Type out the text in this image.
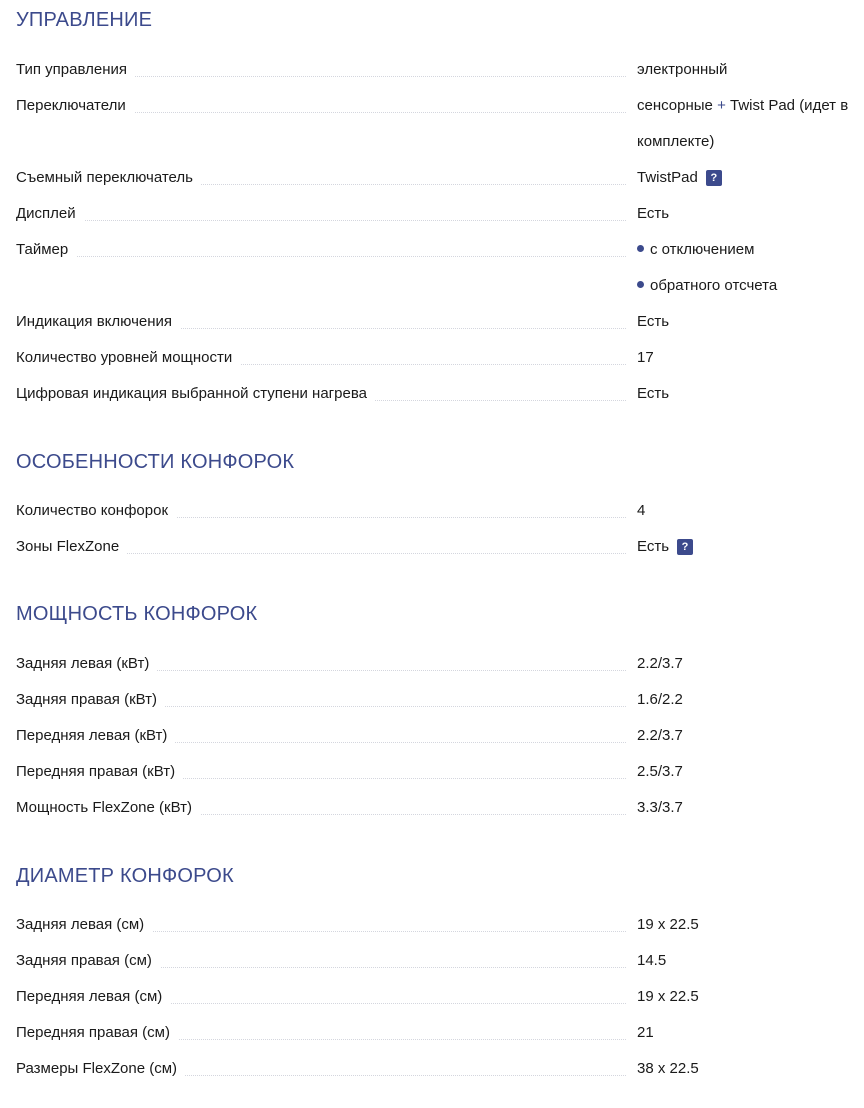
УПРАВЛЕНИЕ
Тип управления	электронный
Переключатели	сенсорные + Twist Pad (идет в
комплекте)
Съемный переключатель	TwistPad ?
Дисплей	Есть
Таймер	с отключением
обратного отсчета
Индикация включения	Есть
Количество уровней мощности	17
Цифровая индикация выбранной ступени нагрева	Есть
ОСОБЕННОСТИ КОНФОРОК
Количество конфорок	4
Зоны FlexZone	Есть ?
МОЩНОСТЬ КОНФОРОК
Задняя левая (кВт)	2.2/3.7
Задняя правая (кВт)	1.6/2.2
Передняя левая (кВт)	2.2/3.7
Передняя правая (кВт)	2.5/3.7
Мощность FlexZone (кВт)	3.3/3.7
ДИАМЕТР КОНФОРОК
Задняя левая (см)	19 x 22.5
Задняя правая (см)	14.5
Передняя левая (см)	19 x 22.5
Передняя правая (см)	21
Размеры FlexZone (см)	38 x 22.5
